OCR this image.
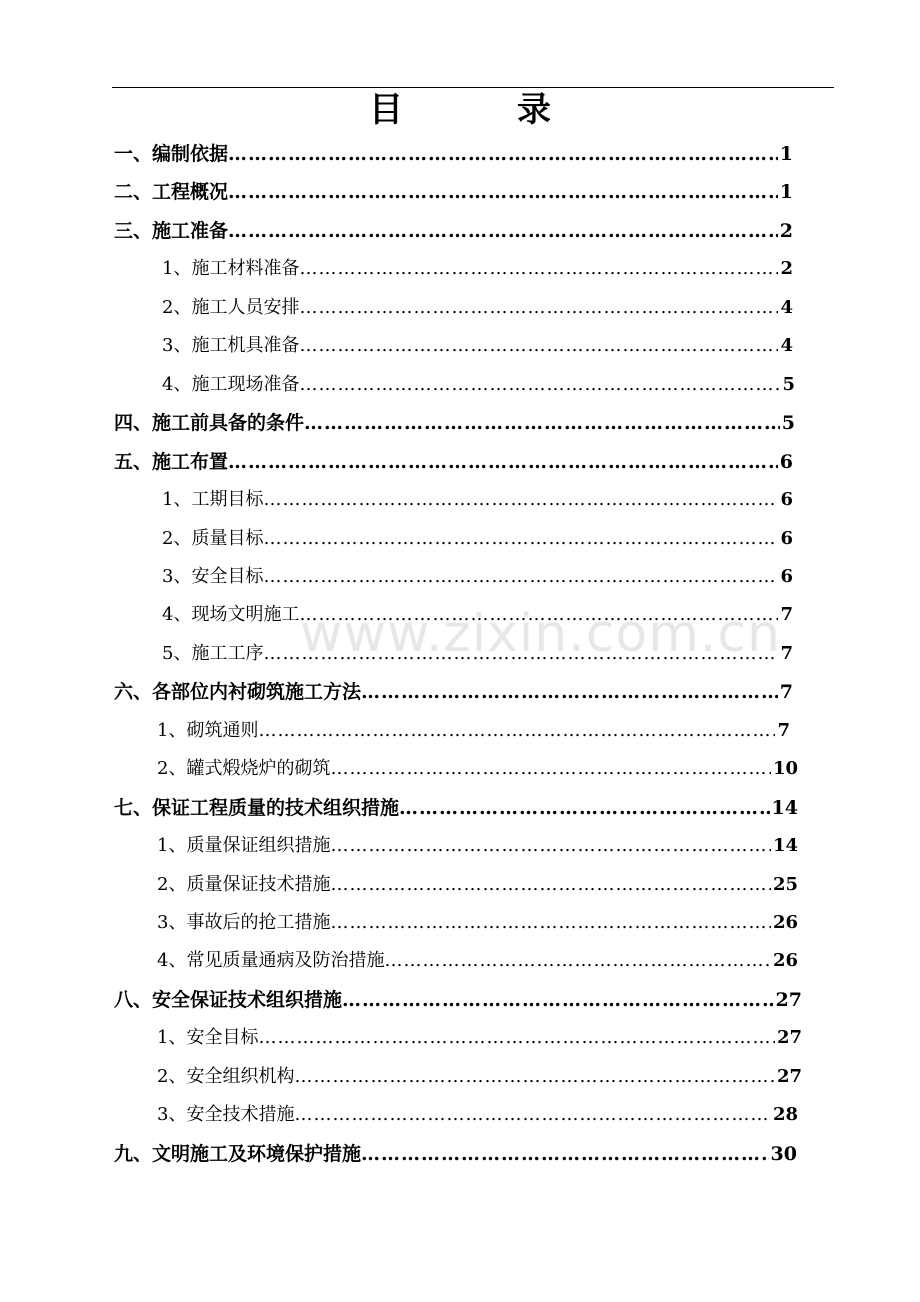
目　录
www.zixin.com.cn
一、编制依据 ……………………………………………………………………………………………………………………………………………………	1
二、工程概况 ……………………………………………………………………………………………………………………………………………………	1
三、施工准备 ……………………………………………………………………………………………………………………………………………………	2
1、施工材料准备 ……………………………………………………………………………………………………………………………………………………	2
2、施工人员安排 ……………………………………………………………………………………………………………………………………………………	4
3、施工机具准备 ……………………………………………………………………………………………………………………………………………………	4
4、施工现场准备 ……………………………………………………………………………………………………………………………………………………	5
四、施工前具备的条件 ……………………………………………………………………………………………………………………………………………………	5
五、施工布置 ……………………………………………………………………………………………………………………………………………………	6
1、工期目标 ……………………………………………………………………………………………………………………………………………………	6
2、质量目标 ……………………………………………………………………………………………………………………………………………………	6
3、安全目标 ……………………………………………………………………………………………………………………………………………………	6
4、现场文明施工 ……………………………………………………………………………………………………………………………………………………	7
5、施工工序 ……………………………………………………………………………………………………………………………………………………	7
六、各部位内衬砌筑施工方法 ……………………………………………………………………………………………………………………………………………………	7
1、砌筑通则 ……………………………………………………………………………………………………………………………………………………	7
2、罐式煅烧炉的砌筑 ……………………………………………………………………………………………………………………………………………………	10
七、保证工程质量的技术组织措施 ……………………………………………………………………………………………………………………………………………………	14
1、质量保证组织措施 ……………………………………………………………………………………………………………………………………………………	14
2、质量保证技术措施 ……………………………………………………………………………………………………………………………………………………	25
3、事故后的抢工措施 ……………………………………………………………………………………………………………………………………………………	26
4、常见质量通病及防治措施 ……………………………………………………………………………………………………………………………………………………	26
八、安全保证技术组织措施 ……………………………………………………………………………………………………………………………………………………	27
1、安全目标 ……………………………………………………………………………………………………………………………………………………	27
2、安全组织机构 ……………………………………………………………………………………………………………………………………………………	27
3、安全技术措施 ……………………………………………………………………………………………………………………………………………………	28
九、文明施工及环境保护措施 ……………………………………………………………………………………………………………………………………………………	30
